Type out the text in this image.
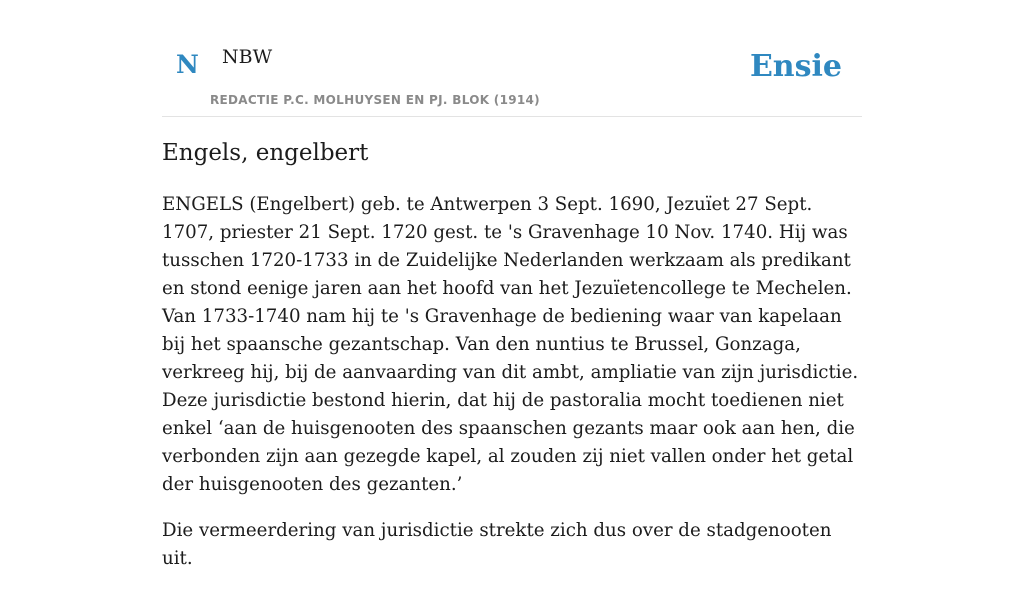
N NBW
REDACTIE P.C. MOLHUYSEN EN PJ. BLOK (1914)
Ensie
Engels, engelbert

ENGELS (Engelbert) geb. te Antwerpen 3 Sept. 1690, Jezuïet 27 Sept. 1707, priester 21 Sept. 1720 gest. te 's Gravenhage 10 Nov. 1740. Hij was tusschen 1720-1733 in de Zuidelijke Nederlanden werkzaam als predikant en stond eenige jaren aan het hoofd van het Jezuïetencollege te Mechelen. Van 1733-1740 nam hij te 's Gravenhage de bediening waar van kapelaan bij het spaansche gezantschap. Van den nuntius te Brussel, Gonzaga, verkreeg hij, bij de aanvaarding van dit ambt, ampliatie van zijn jurisdictie. Deze jurisdictie bestond hierin, dat hij de pastoralia mocht toedienen niet enkel ‘aan de huisgenooten des spaanschen gezants maar ook aan hen, die verbonden zijn aan gezegde kapel, al zouden zij niet vallen onder het getal der huisgenooten des gezanten.’

Die vermeerdering van jurisdictie strekte zich dus over de stadgenooten uit.
